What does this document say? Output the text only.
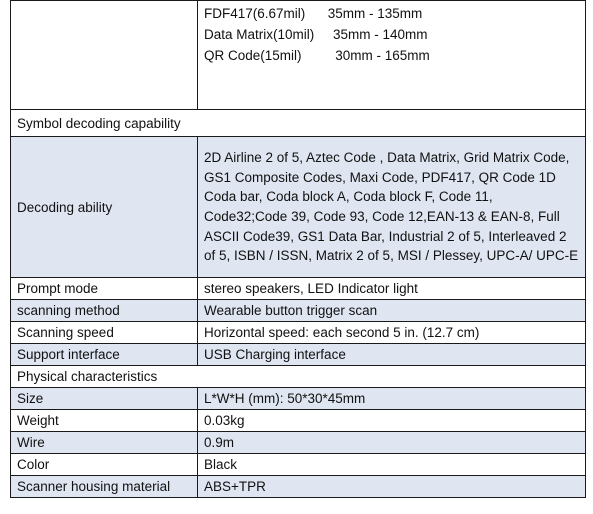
	FDF417(6.67mil)      35mm - 135mm
Data Matrix(10mil)     35mm - 140mm
QR Code(15mil)         30mm - 165mm

Symbol decoding capability	
Decoding ability	2D Airline 2 of 5, Aztec Code , Data Matrix, Grid Matrix Code, GS1 Composite Codes, Maxi Code, PDF417, QR Code 1D Coda bar, Coda block A, Coda block F, Code 11, Code32;Code 39, Code 93, Code 12,EAN-13 & EAN-8, Full ASCII Code39, GS1 Data Bar, Industrial 2 of 5, Interleaved 2 of 5, ISBN / ISSN, Matrix 2 of 5, MSI / Plessey, UPC-A/ UPC-E
Prompt mode	stereo speakers, LED Indicator light
scanning method	Wearable button trigger scan
Scanning speed	Horizontal speed: each second 5 in. (12.7 cm)
Support interface	USB Charging interface
Physical characteristics	
Size	L*W*H (mm): 50*30*45mm
Weight	0.03kg
Wire	0.9m
Color	Black
Scanner housing material	ABS+TPR
